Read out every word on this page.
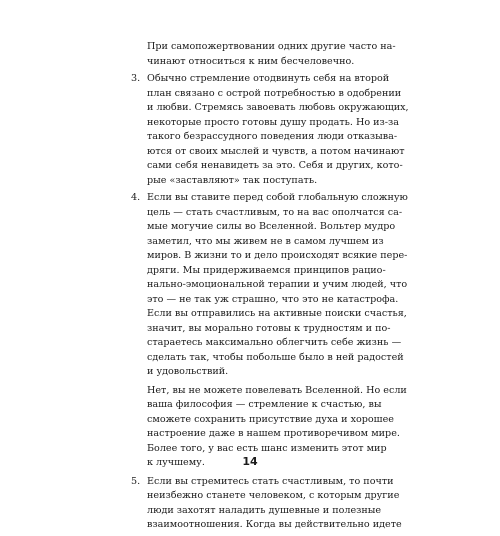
При самопожертвовании одних другие часто на-
чинают относиться к ним бесчеловечно.

3. Обычно стремление отодвинуть себя на второй
план связано с острой потребностью в одобрении
и любви. Стремясь завоевать любовь окружающих,
некоторые просто готовы душу продать. Но из-за
такого безрассудного поведения люди отказыва-
ются от своих мыслей и чувств, а потом начинают
сами себя ненавидеть за это. Себя и других, кото-
рые «заставляют» так поступать.

4. Если вы ставите перед собой глобальную сложную
цель — стать счастливым, то на вас ополчатся са-
мые могучие силы во Вселенной. Вольтер мудро
заметил, что мы живем не в самом лучшем из
миров. В жизни то и дело происходят всякие пере-
дряги. Мы придерживаемся принципов рацио-
нально-эмоциональной терапии и учим людей, что
это — не так уж страшно, что это не катастрофа.
Если вы отправились на активные поиски счастья,
значит, вы морально готовы к трудностям и по-
стараетесь максимально облегчить себе жизнь —
сделать так, чтобы побольше было в ней радостей
и удовольствий.

Нет, вы не можете повелевать Вселенной. Но если
ваша философия — стремление к счастью, вы
сможете сохранить присутствие духа и хорошее
настроение даже в нашем противоречивом мире.
Более того, у вас есть шанс изменить этот мир
к лучшему.

5. Если вы стремитесь стать счастливым, то почти
неизбежно станете человеком, с которым другие
люди захотят наладить душевные и полезные
взаимоотношения. Когда вы действительно идете

14
